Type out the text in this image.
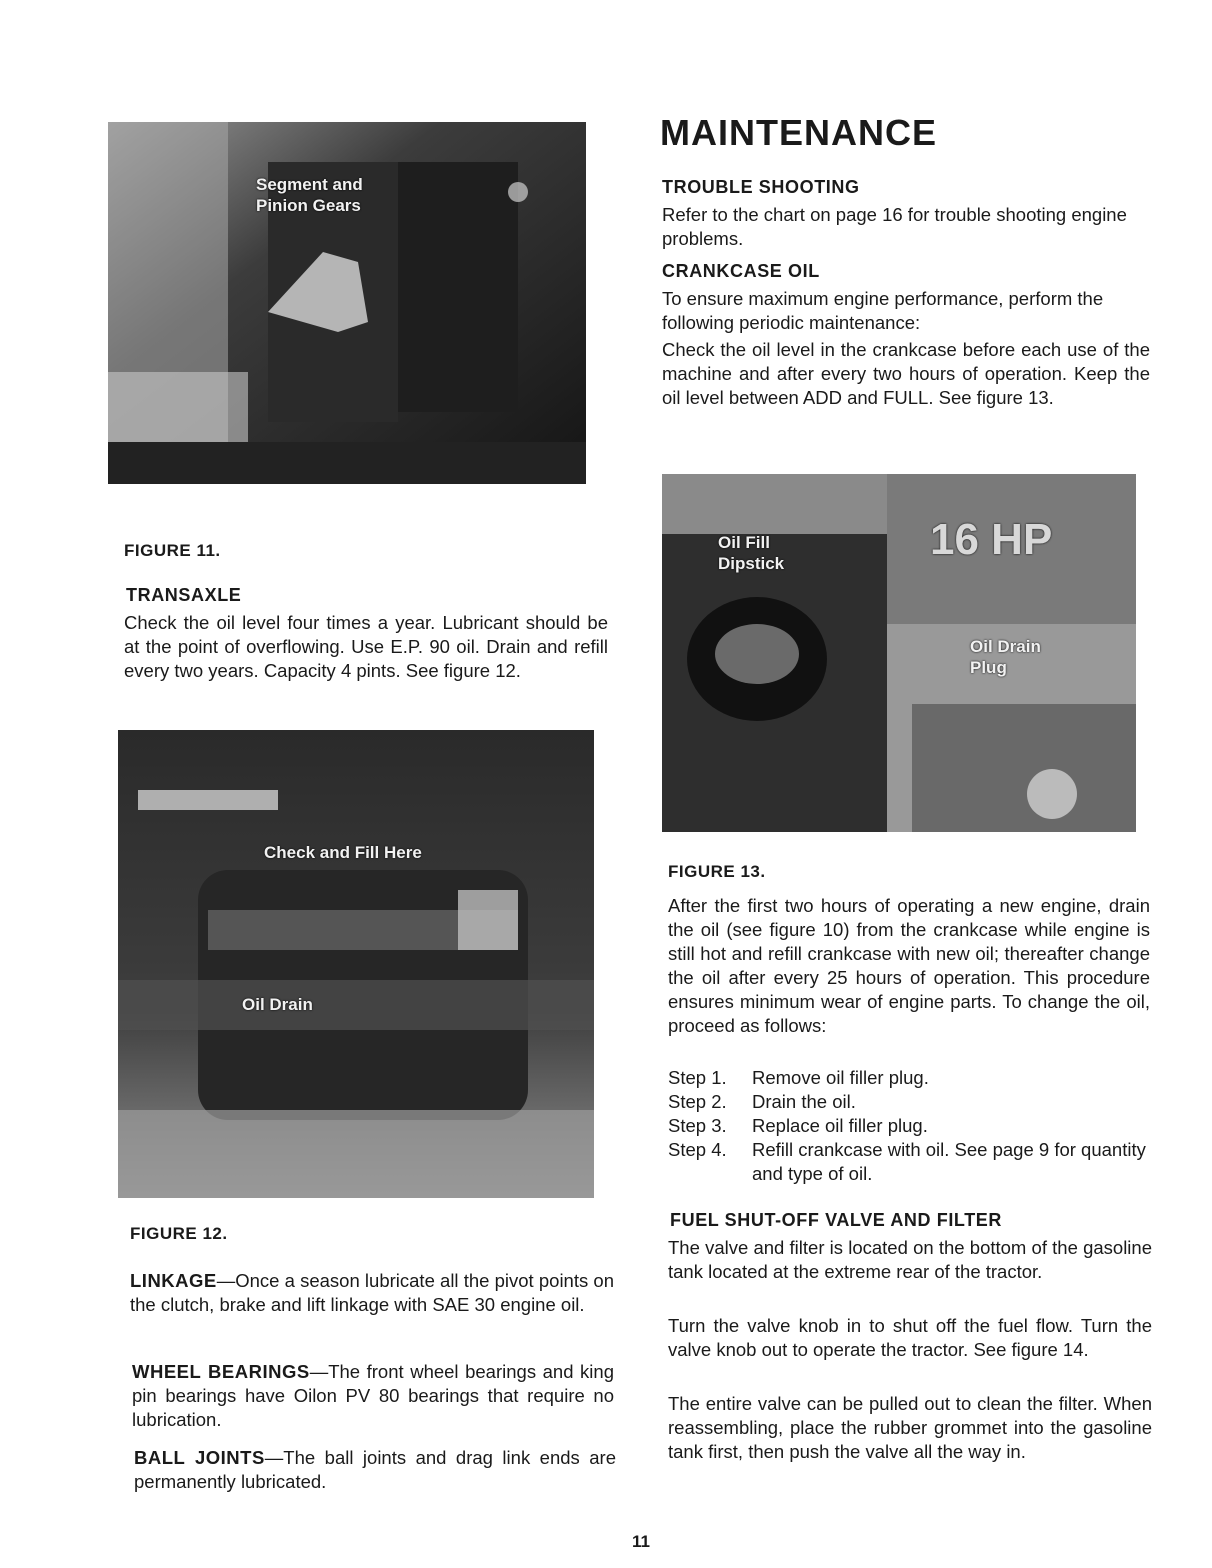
Segment and Pinion Gears
FIGURE 11.
TRANSAXLE
Check the oil level four times a year. Lubricant should be at the point of overflowing. Use E.P. 90 oil. Drain and refill every two years. Capacity 4 pints. See figure 12.
Check and Fill Here
Oil Drain
FIGURE 12.
LINKAGE—Once a season lubricate all the pivot points on the clutch, brake and lift linkage with SAE 30 engine oil.
WHEEL BEARINGS—The front wheel bearings and king pin bearings have Oilon PV 80 bearings that require no lubrication.
BALL JOINTS—The ball joints and drag link ends are permanently lubricated.
MAINTENANCE
TROUBLE SHOOTING
Refer to the chart on page 16 for trouble shooting engine problems.
CRANKCASE OIL
To ensure maximum engine performance, perform the following periodic maintenance:
Check the oil level in the crankcase before each use of the machine and after every two hours of operation. Keep the oil level between ADD and FULL. See figure 13.
16 HP
Oil Fill Dipstick
Oil Drain Plug
FIGURE 13.
After the first two hours of operating a new engine, drain the oil (see figure 10) from the crankcase while engine is still hot and refill crankcase with new oil; thereafter change the oil after every 25 hours of operation. This procedure ensures minimum wear of engine parts. To change the oil, proceed as follows:
Step 1.	Remove oil filler plug.
Step 2.	Drain the oil.
Step 3.	Replace oil filler plug.
Step 4.	Refill crankcase with oil. See page 9 for quantity and type of oil.
FUEL SHUT-OFF VALVE AND FILTER
The valve and filter is located on the bottom of the gasoline tank located at the extreme rear of the tractor.
Turn the valve knob in to shut off the fuel flow. Turn the valve knob out to operate the tractor. See figure 14.
The entire valve can be pulled out to clean the filter. When reassembling, place the rubber grommet into the gasoline tank first, then push the valve all the way in.
11
